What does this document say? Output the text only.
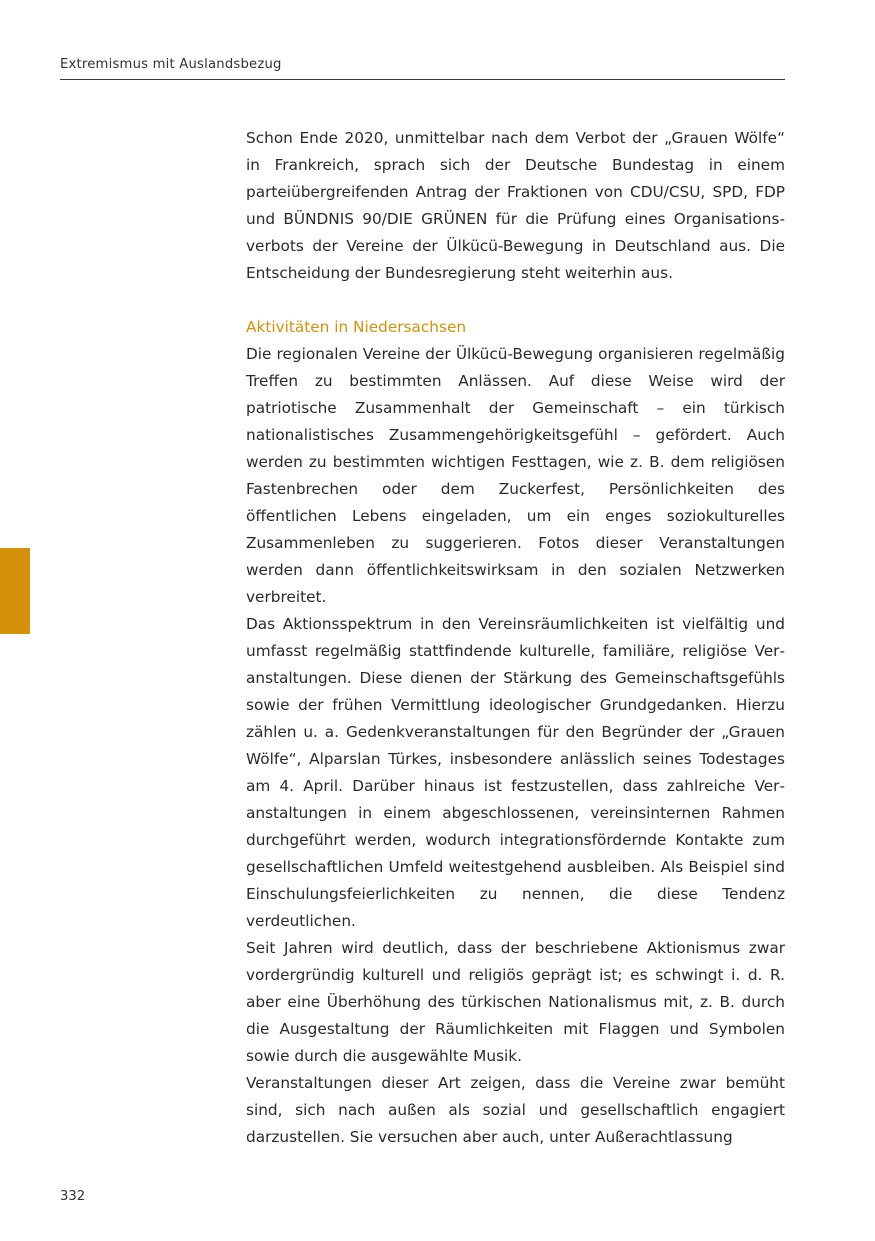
Extremismus mit Auslandsbezug

Schon Ende 2020, unmittelbar nach dem Verbot der „Grauen Wölfe“ in Frankreich, sprach sich der Deutsche Bundestag in einem parteiübergreifenden Antrag der Fraktionen von CDU/CSU, SPD, FDP und BÜNDNIS 90/DIE GRÜNEN für die Prüfung eines Organisationsverbots der Vereine der Ülkücü-Bewegung in Deutschland aus. Die Entscheidung der Bundesregierung steht weiterhin aus.

Aktivitäten in Niedersachsen

Die regionalen Vereine der Ülkücü-Bewegung organisieren regelmäßig Treffen zu bestimmten Anlässen. Auf diese Weise wird der patriotische Zusammenhalt der Gemeinschaft – ein türkisch nationalistisches Zusammengehörigkeitsgefühl – gefördert. Auch werden zu bestimmten wichtigen Festtagen, wie z. B. dem religiösen Fastenbrechen oder dem Zuckerfest, Persönlichkeiten des öffentlichen Lebens eingeladen, um ein enges soziokulturelles Zusammenleben zu suggerieren. Fotos dieser Veranstaltungen werden dann öffentlichkeitswirksam in den sozialen Netzwerken verbreitet.

Das Aktionsspektrum in den Vereinsräumlichkeiten ist vielfältig und umfasst regelmäßig stattfindende kulturelle, familiäre, religiöse Veranstaltungen. Diese dienen der Stärkung des Gemeinschaftsgefühls sowie der frühen Vermittlung ideologischer Grundgedanken. Hierzu zählen u. a. Gedenkveranstaltungen für den Begründer der „Grauen Wölfe“, Alparslan Türkes, insbesondere anlässlich seines Todestages am 4. April. Darüber hinaus ist festzustellen, dass zahlreiche Veranstaltungen in einem abgeschlossenen, vereinsinternen Rahmen durchgeführt werden, wodurch integrationsfördernde Kontakte zum gesellschaftlichen Umfeld weitestgehend ausbleiben. Als Beispiel sind Einschulungsfeierlichkeiten zu nennen, die diese Tendenz verdeutlichen.

Seit Jahren wird deutlich, dass der beschriebene Aktionismus zwar vordergründig kulturell und religiös geprägt ist; es schwingt i. d. R. aber eine Überhöhung des türkischen Nationalismus mit, z. B. durch die Ausgestaltung der Räumlichkeiten mit Flaggen und Symbolen sowie durch die ausgewählte Musik.

Veranstaltungen dieser Art zeigen, dass die Vereine zwar bemüht sind, sich nach außen als sozial und gesellschaftlich engagiert darzustellen. Sie versuchen aber auch, unter Außerachtlassung

332
